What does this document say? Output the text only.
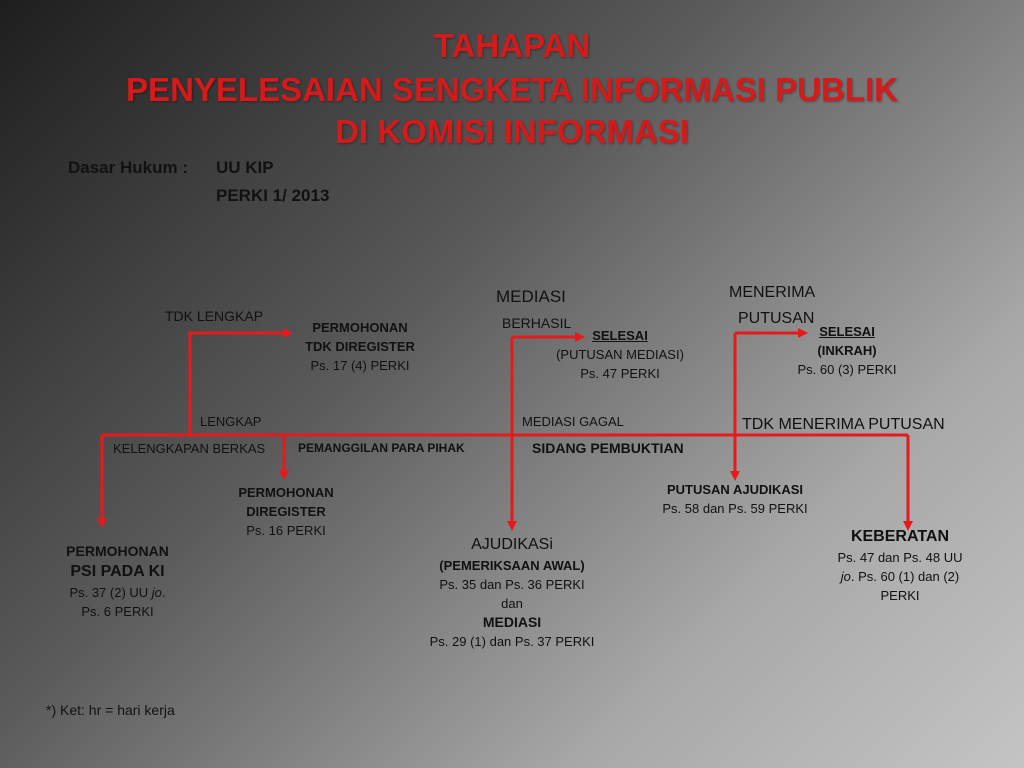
TAHAPAN
PENYELESAIAN SENGKETA INFORMASI PUBLIK
DI KOMISI INFORMASI
Dasar Hukum : UU KIP
PERKI 1/ 2013
TDK LENGKAP
LENGKAP
KELENGKAPAN BERKAS	PEMANGGILAN PARA PIHAK
MEDIASI
BERHASIL
MEDIASI GAGAL
SIDANG PEMBUKTIAN
MENERIMA
PUTUSAN
TDK MENERIMA PUTUSAN
PERMOHONAN
TDK DIREGISTER
Ps. 17 (4) PERKI
SELESAI
(PUTUSAN MEDIASI)
Ps. 47 PERKI
SELESAI
(INKRAH)
Ps. 60 (3) PERKI
PERMOHONAN
DIREGISTER
Ps. 16 PERKI
PUTUSAN AJUDIKASI
Ps. 58 dan Ps. 59 PERKI
PERMOHONAN
PSI PADA KI
Ps. 37 (2) UU jo.
Ps. 6 PERKI
AJUDIKASi
(PEMERIKSAAN AWAL)
Ps. 35 dan Ps. 36 PERKI
dan
MEDIASI
Ps. 29 (1) dan Ps. 37 PERKI
KEBERATAN
Ps. 47 dan Ps. 48 UU
jo. Ps. 60 (1) dan (2)
PERKI
*) Ket: hr = hari kerja
